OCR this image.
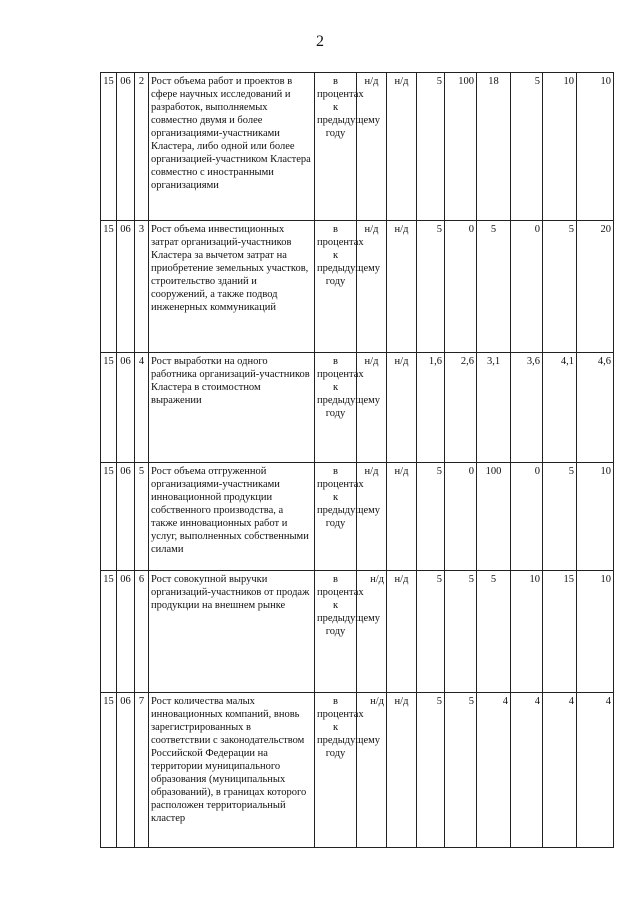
2
15	06	2	Рост объема работ и проектов в сфере научных исследований и разработок, выполняемых совместно двумя и более организациями-участниками Кластера, либо одной или более организацией-участником Кластера совместно с иностранными организациями	в процентах к предыдущему году	н/д	н/д	5	100	18	5	10	10
15	06	3	Рост объема инвестиционных затрат организаций-участников Кластера за вычетом затрат на приобретение земельных участков, строительство зданий и сооружений, а также подвод инженерных коммуникаций	в процентах к предыдущему году	н/д	н/д	5	0	5	0	5	20
15	06	4	Рост выработки на одного работника организаций-участников Кластера в стоимостном выражении	в процентах к предыдущему году	н/д	н/д	1,6	2,6	3,1	3,6	4,1	4,6
15	06	5	Рост объема отгруженной организациями-участниками инновационной продукции собственного производства, а также инновационных работ и услуг, выполненных собственными силами	в процентах к предыдущему году	н/д	н/д	5	0	100	0	5	10
15	06	6	Рост совокупной выручки организаций-участников от продаж продукции на внешнем рынке	в процентах к предыдущему году	н/д	н/д	5	5	5	10	15	10
15	06	7	Рост количества малых инновационных компаний, вновь зарегистрированных в соответствии с законодательством Российской Федерации на территории муниципального образования (муниципальных образований), в границах которого расположен территориальный кластер	в процентах к предыдущему году	н/д	н/д	5	5	4	4	4	4
